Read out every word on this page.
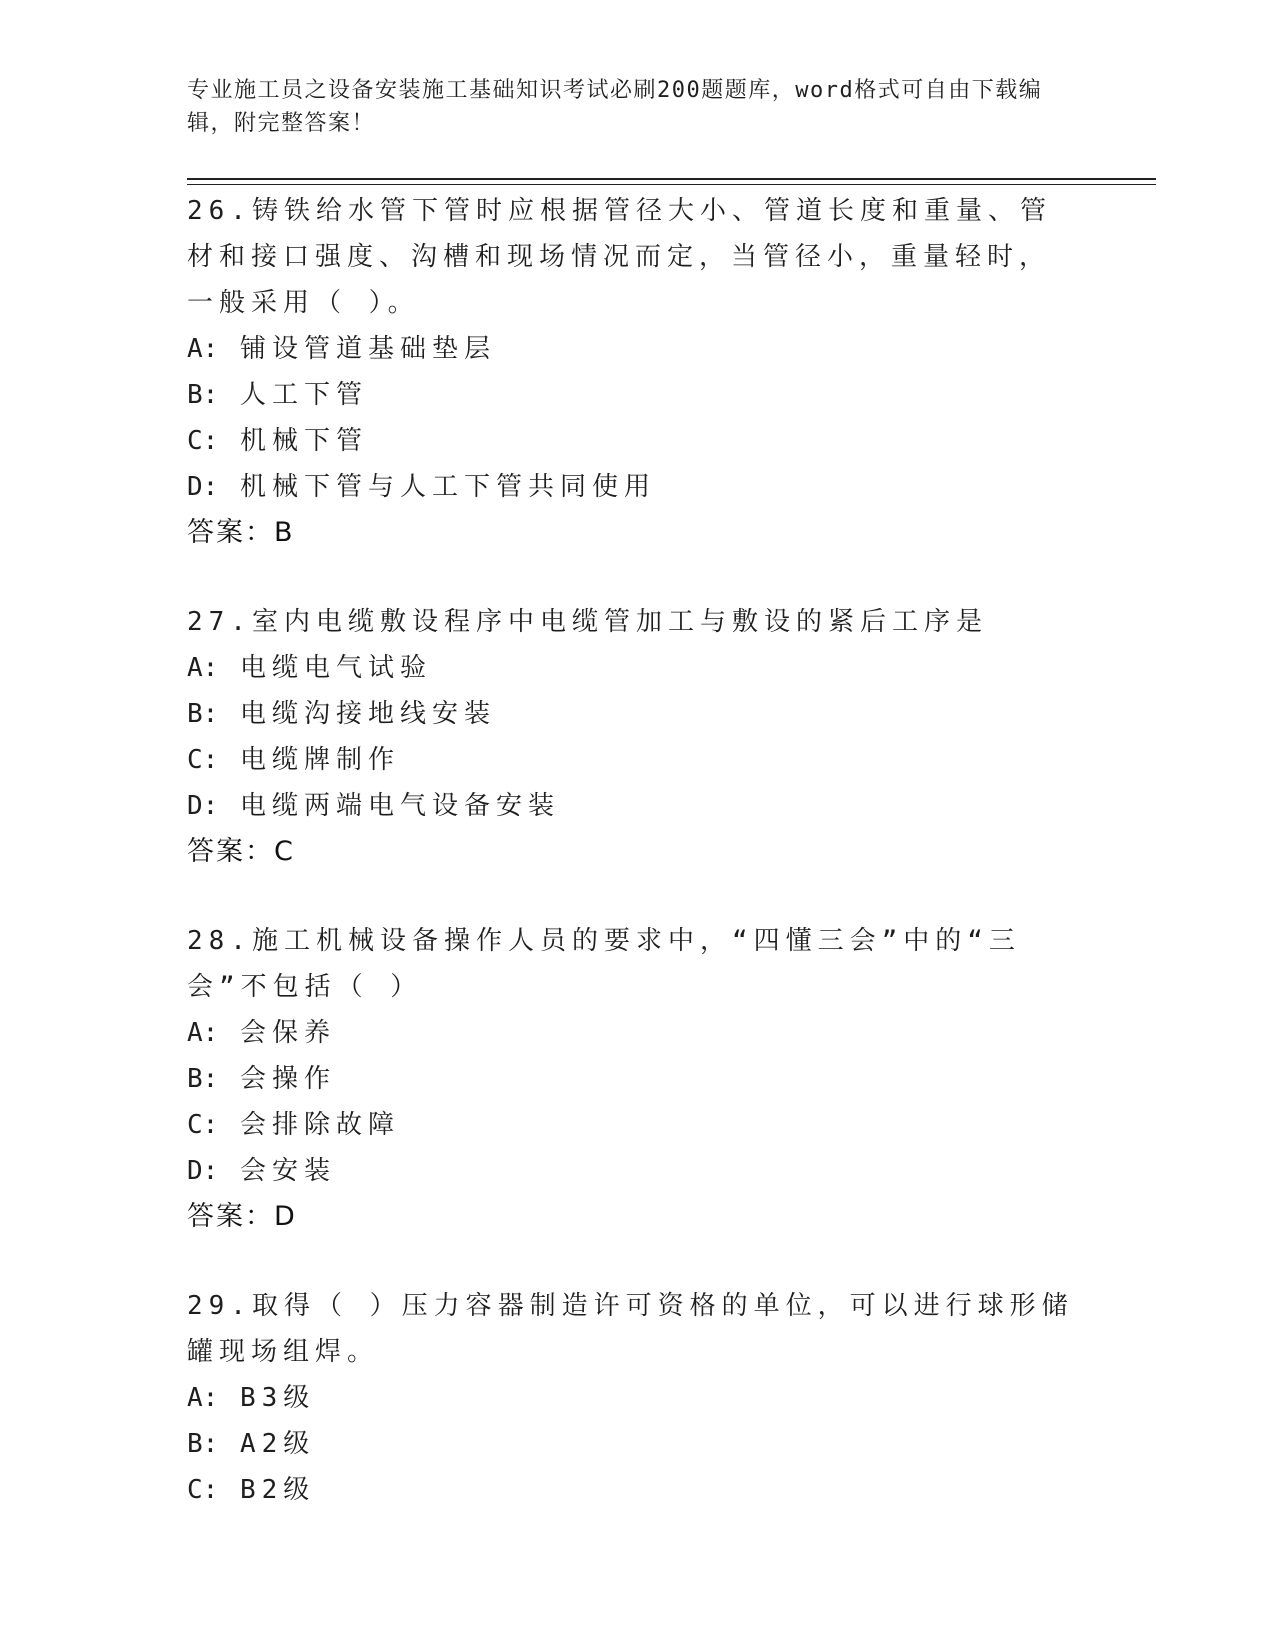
专业施工员之设备安装施工基础知识考试必刷200题题库，word格式可自由下载编辑，附完整答案！
26.铸铁给水管下管时应根据管径大小、管道长度和重量、管材和接口强度、沟槽和现场情况而定，当管径小，重量轻时，一般采用（ ）。
A: 铺设管道基础垫层
B: 人工下管
C: 机械下管
D: 机械下管与人工下管共同使用
答案：B
27.室内电缆敷设程序中电缆管加工与敷设的紧后工序是
A: 电缆电气试验
B: 电缆沟接地线安装
C: 电缆牌制作
D: 电缆两端电气设备安装
答案：C
28.施工机械设备操作人员的要求中，“四懂三会”中的“三会”不包括（ ）
A: 会保养
B: 会操作
C: 会排除故障
D: 会安装
答案：D
29.取得（ ）压力容器制造许可资格的单位，可以进行球形储罐现场组焊。
A: B3级
B: A2级
C: B2级
